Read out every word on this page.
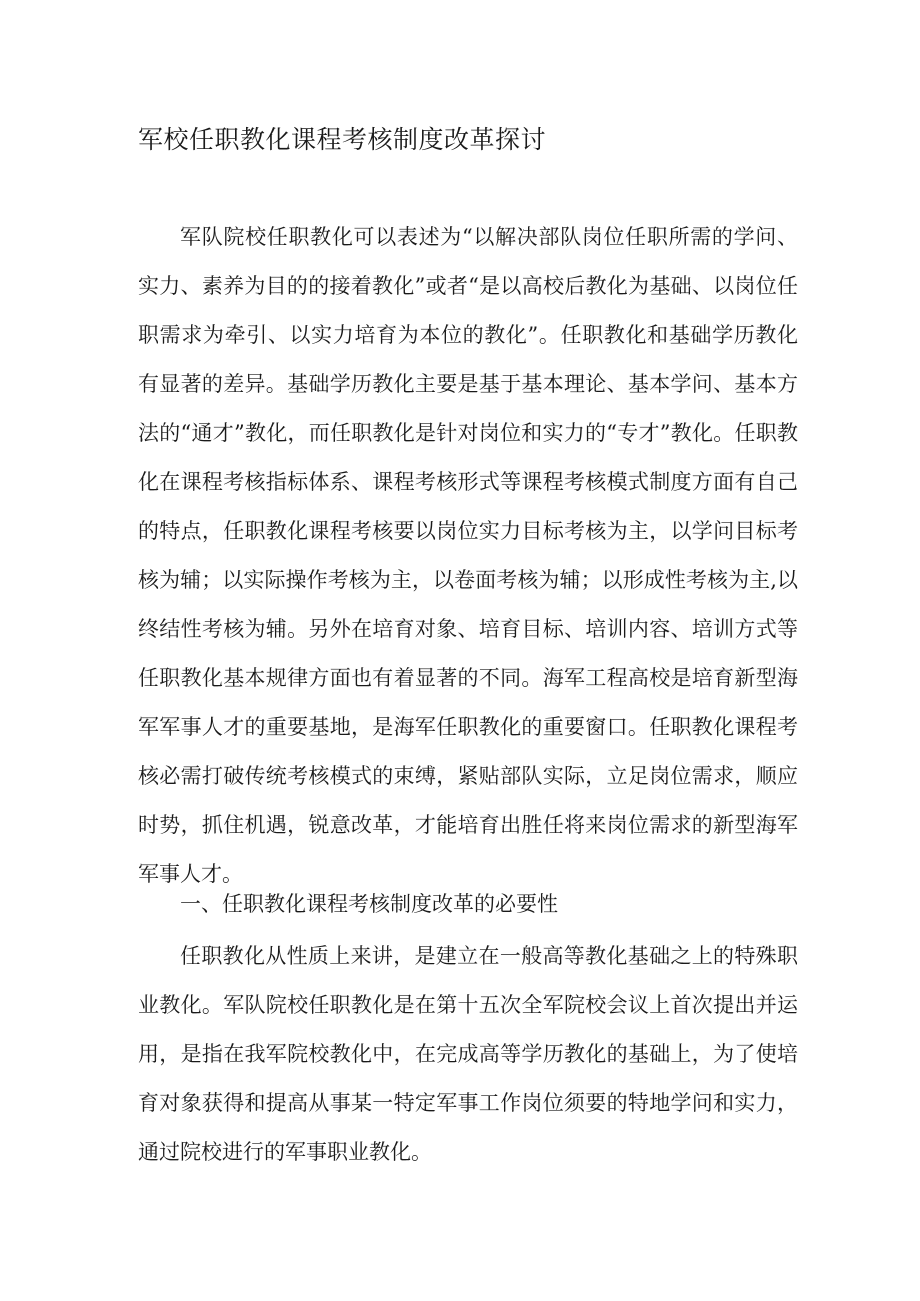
军校任职教化课程考核制度改革探讨

军队院校任职教化可以表述为“以解决部队岗位任职所需的学问、实力、素养为目的的接着教化”或者“是以高校后教化为基础、以岗位任职需求为牵引、以实力培育为本位的教化”。任职教化和基础学历教化有显著的差异。基础学历教化主要是基于基本理论、基本学问、基本方法的“通才”教化，而任职教化是针对岗位和实力的“专才”教化。任职教化在课程考核指标体系、课程考核形式等课程考核模式制度方面有自己的特点，任职教化课程考核要以岗位实力目标考核为主，以学问目标考核为辅；以实际操作考核为主，以卷面考核为辅；以形成性考核为主,以终结性考核为辅。另外在培育对象、培育目标、培训内容、培训方式等任职教化基本规律方面也有着显著的不同。海军工程高校是培育新型海军军事人才的重要基地，是海军任职教化的重要窗口。任职教化课程考核必需打破传统考核模式的束缚，紧贴部队实际，立足岗位需求，顺应时势，抓住机遇，锐意改革，才能培育出胜任将来岗位需求的新型海军军事人才。

一、任职教化课程考核制度改革的必要性

任职教化从性质上来讲，是建立在一般高等教化基础之上的特殊职业教化。军队院校任职教化是在第十五次全军院校会议上首次提出并运用，是指在我军院校教化中，在完成高等学历教化的基础上，为了使培育对象获得和提高从事某一特定军事工作岗位须要的特地学问和实力，通过院校进行的军事职业教化。
